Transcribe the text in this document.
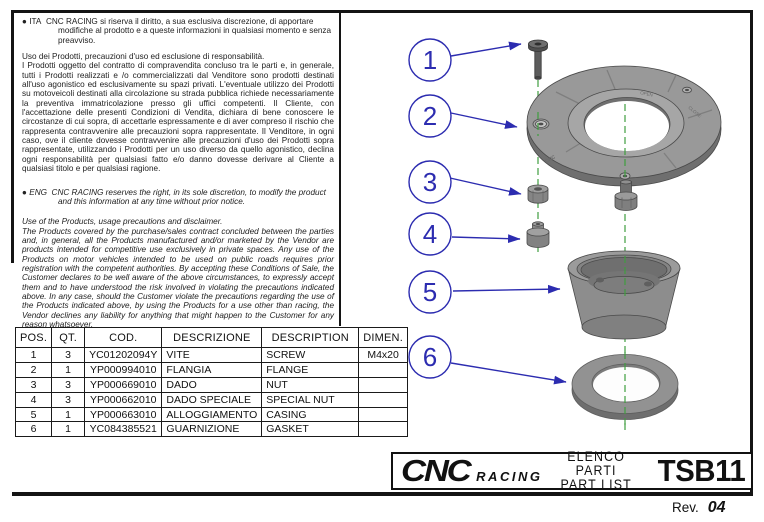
● ITA CNC RACING si riserva il diritto, a sua esclusiva discrezione, di apportare modifiche al prodotto e a queste informazioni in qualsiasi momento e senza preavviso.

Uso dei Prodotti, precauzioni d'uso ed esclusione di responsabilità.

I Prodotti oggetto del contratto di compravendita concluso tra le parti e, in generale, tutti i Prodotti realizzati e /o commercializzati dal Venditore sono prodotti destinati all'uso agonistico ed esclusivamente su spazi privati. L'eventuale utilizzo dei Prodotti su motoveicoli destinati alla circolazione su strada pubblica richiede necessariamente la preventiva immatricolazione presso gli uffici competenti. Il Cliente, con l'accettazione delle presenti Condizioni di Vendita, dichiara di bene conoscere le circostanze di cui sopra, di accettarle espressamente e di aver compreso il rischio che rappresenta contravvenire alle precauzioni sopra rappresentate. Il Venditore, in ogni caso, ove il cliente dovesse contravvenire alle precauzioni d'uso dei Prodotti sopra rappresentate, utilizzando i Prodotti per un uso diverso da quello agonistico, declina ogni responsabilità per qualsiasi fatto e/o danno dovesse derivare al Cliente a qualsiasi titolo e per qualsiasi ragione.

● ENG CNC RACING reserves the right, in its sole discretion, to modify the product and this information at any time without prior notice.

Use of the Products, usage precautions and disclaimer.

The Products covered by the purchase/sales contract concluded between the parties and, in general, all the Products manufactured and/or marketed by the Vendor are products intended for competitive use exclusively in private spaces. Any use of the Products on motor vehicles intended to be used on public roads requires prior registration with the competent authorities. By accepting these Conditions of Sale, the Customer declares to be well aware of the above circumstances, to expressly accept them and to have understood the risk involved in violating the precautions indicated above. In any case, should the Customer violate the precautions regarding the use of the Products indicated above, by using the Products for a use other than racing, the Vendor declines any liability for anything that might happen to the Customer for any reason whatsoever.

POS.	QT.	COD.	DESCRIZIONE	DESCRIPTION	DIMEN.
1	3	YC01202094Y	VITE	SCREW	M4x20
2	1	YP000994010	FLANGIA	FLANGE	
3	3	YP000669010	DADO	NUT	
4	3	YP000662010	DADO SPECIALE	SPECIAL NUT	
5	1	YP000663010	ALLOGGIAMENTO	CASING	
6	1	YC084385521	GUARNIZIONE	GASKET	
OPEN
CLOSE
CNC
1
2
3
4
5
6
CNC RACING
ELENCO PARTI
PART LIST TSB11
Rev. 04
